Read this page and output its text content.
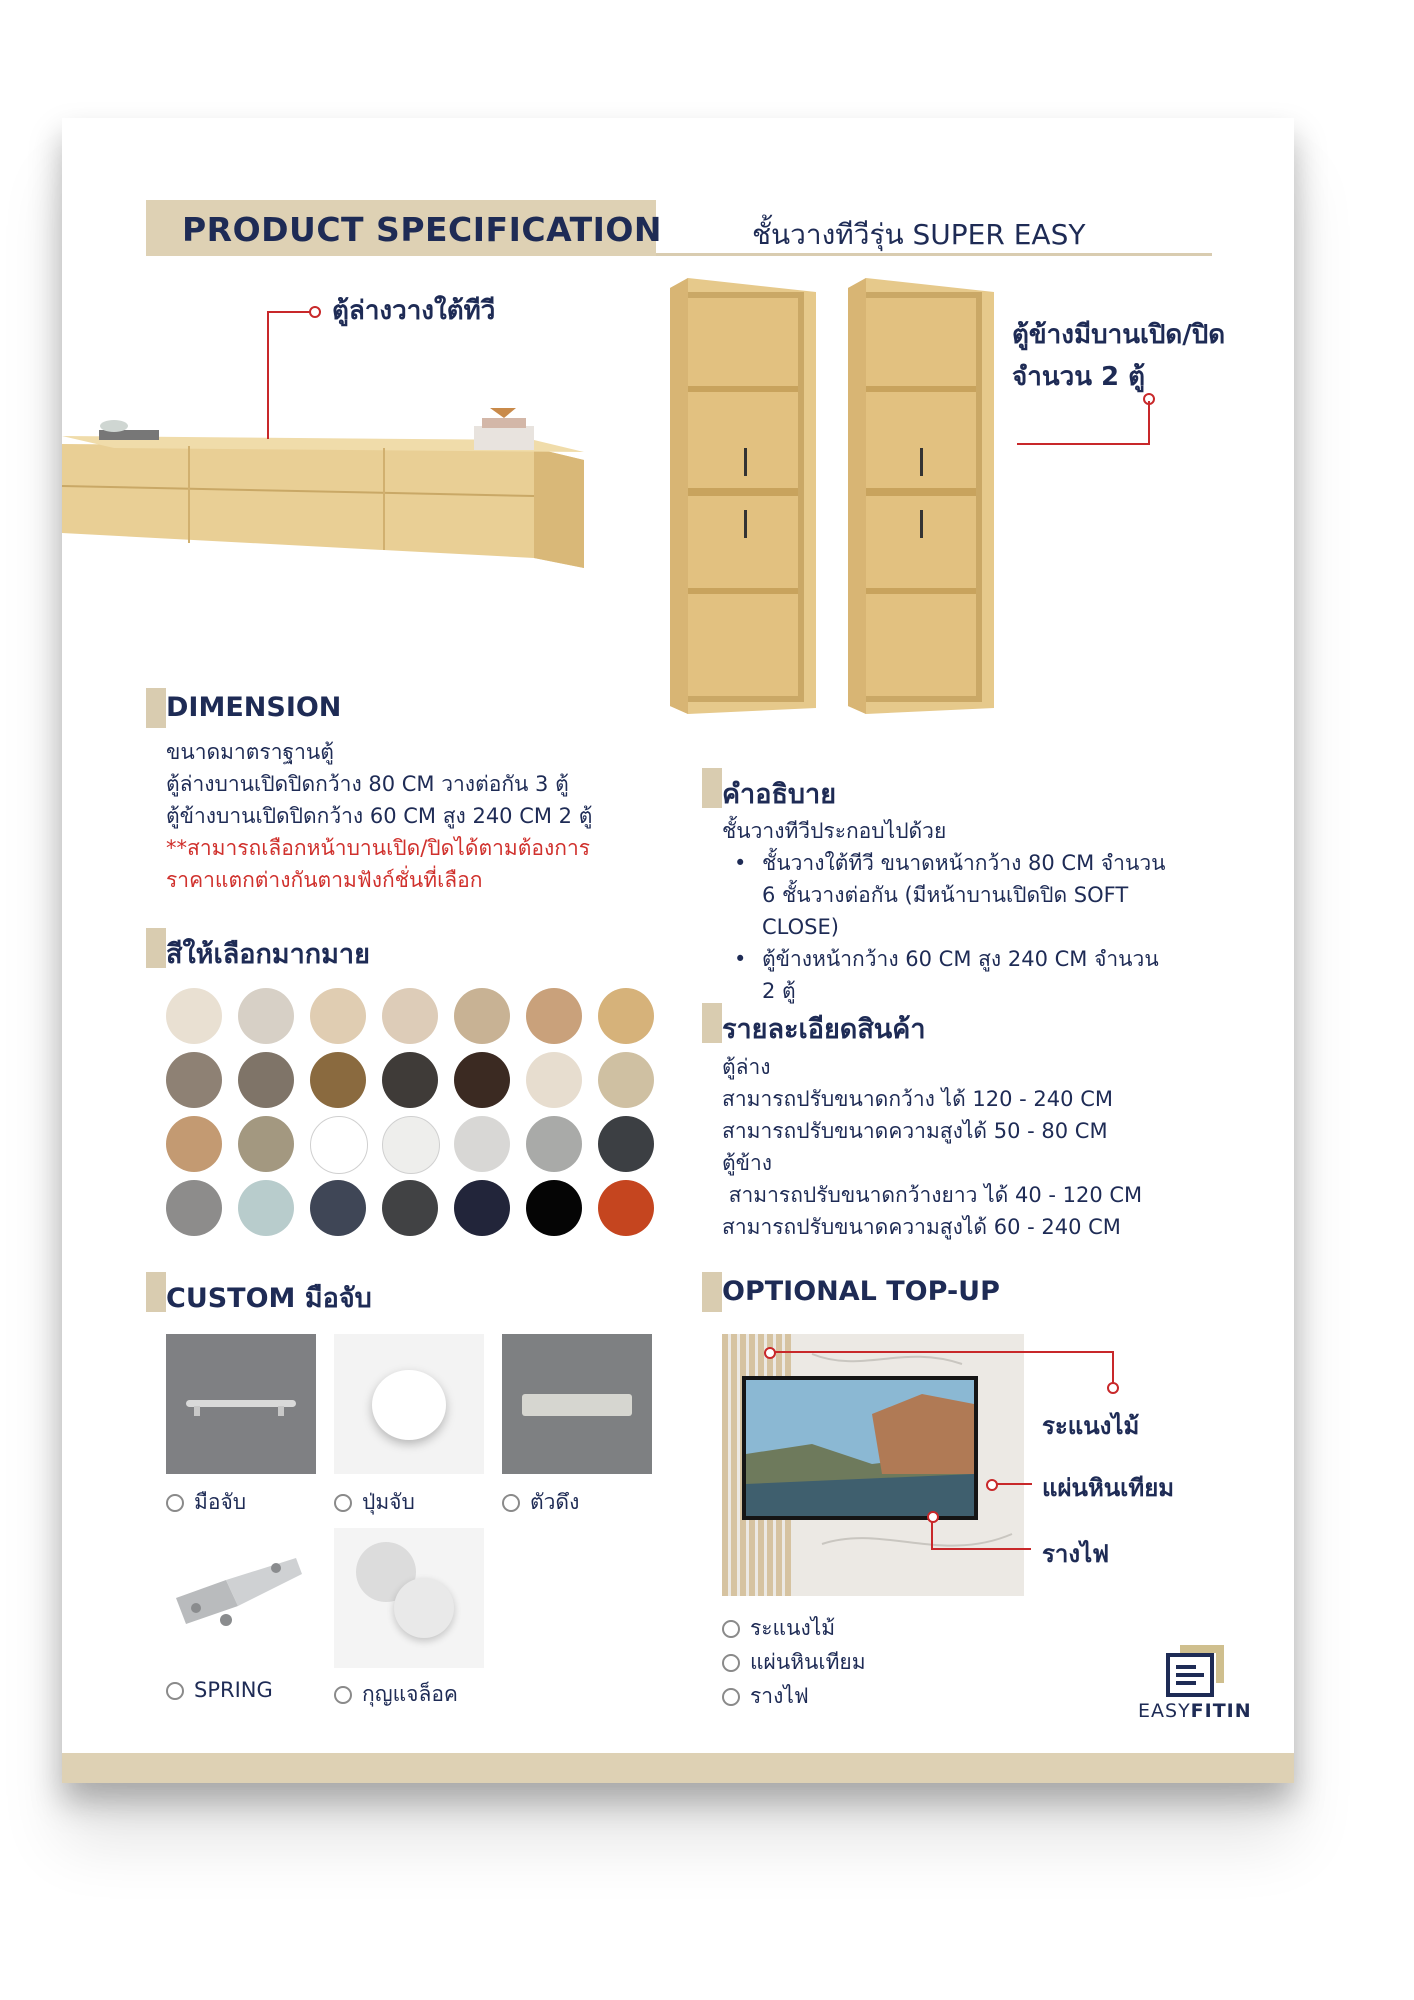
PRODUCT SPECIFICATION	ชั้นวางทีวีรุ่น SUPER EASY
ตู้ล่างวางใต้ทีวี
ตู้ข้างมีบานเปิด/ปิด
จำนวน 2 ตู้
DIMENSION
ขนาดมาตราฐานตู้
ตู้ล่างบานเปิดปิดกว้าง 80 CM วางต่อกัน 3 ตู้
ตู้ข้างบานเปิดปิดกว้าง 60 CM สูง 240 CM 2 ตู้
**สามารถเลือกหน้าบานเปิด/ปิดได้ตามต้องการ
ราคาแตกต่างกันตามฟังก์ชั่นที่เลือก
สีให้เลือกมากมาย
คำอธิบาย
ชั้นวางทีวีประกอบไปด้วย
• ชั้นวางใต้ทีวี ขนาดหน้ากว้าง 80 CM จำนวน
6 ชั้นวางต่อกัน (มีหน้าบานเปิดปิด SOFT
CLOSE)
• ตู้ข้างหน้ากว้าง 60 CM สูง 240 CM จำนวน
2 ตู้
รายละเอียดสินค้า
ตู้ล่าง
สามารถปรับขนาดกว้าง ได้ 120 - 240 CM
สามารถปรับขนาดความสูงได้ 50 - 80 CM
ตู้ข้าง
สามารถปรับขนาดกว้างยาว ได้ 40 - 120 CM
สามารถปรับขนาดความสูงได้ 60 - 240 CM
CUSTOM มือจับ
มือจับ	ปุ่มจับ	ตัวดึง
SPRING	กุญแจล็อค
OPTIONAL TOP-UP
ระแนงไม้
แผ่นหินเทียม
รางไฟ
ระแนงไม้
แผ่นหินเทียม
รางไฟ
EASYFITIN
